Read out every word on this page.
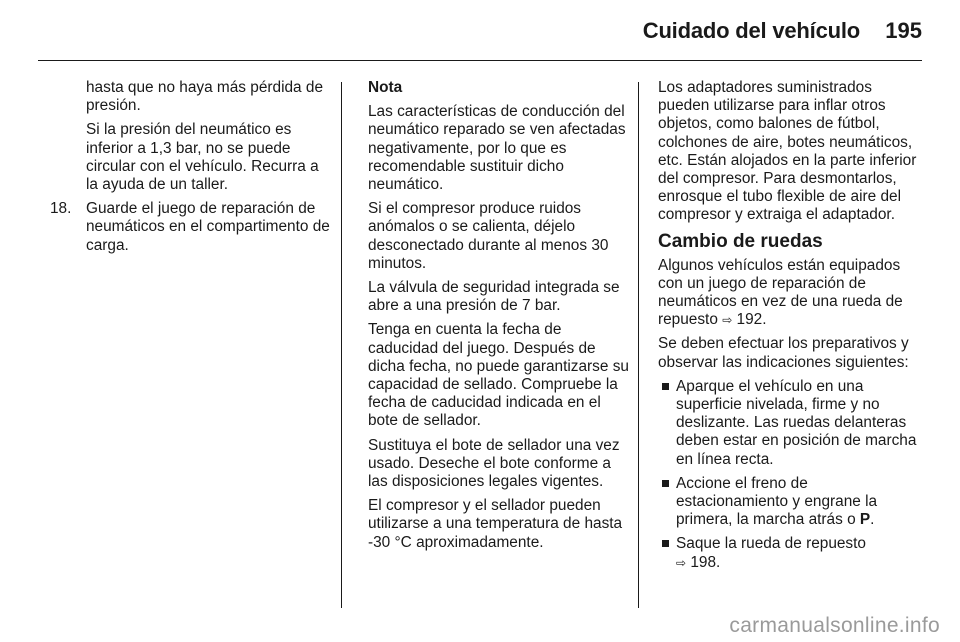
Cuidado del vehículo 195

hasta que no haya más pérdida de presión.

Si la presión del neumático es inferior a 1,3 bar, no se puede circular con el vehículo. Recurra a la ayuda de un taller.

18. Guarde el juego de reparación de neumáticos en el compartimento de carga.

Nota

Las características de conducción del neumático reparado se ven afectadas negativamente, por lo que es recomendable sustituir dicho neumático.

Si el compresor produce ruidos anómalos o se calienta, déjelo desconectado durante al menos 30 minutos.

La válvula de seguridad integrada se abre a una presión de 7 bar.

Tenga en cuenta la fecha de caducidad del juego. Después de dicha fecha, no puede garantizarse su capacidad de sellado. Compruebe la fecha de caducidad indicada en el bote de sellador.

Sustituya el bote de sellador una vez usado. Deseche el bote conforme a las disposiciones legales vigentes.

El compresor y el sellador pueden utilizarse a una temperatura de hasta -30 °C aproximadamente.

Los adaptadores suministrados pueden utilizarse para inflar otros objetos, como balones de fútbol, colchones de aire, botes neumáticos, etc. Están alojados en la parte inferior del compresor. Para desmontarlos, enrosque el tubo flexible de aire del compresor y extraiga el adaptador.

Cambio de ruedas

Algunos vehículos están equipados con un juego de reparación de neumáticos en vez de una rueda de repuesto ⇨ 192.

Se deben efectuar los preparativos y observar las indicaciones siguientes:

Aparque el vehículo en una superficie nivelada, firme y no deslizante. Las ruedas delanteras deben estar en posición de marcha en línea recta.
Accione el freno de estacionamiento y engrane la primera, la marcha atrás o P.
Saque la rueda de repuesto
⇨ 198.
carmanualsonline.info
